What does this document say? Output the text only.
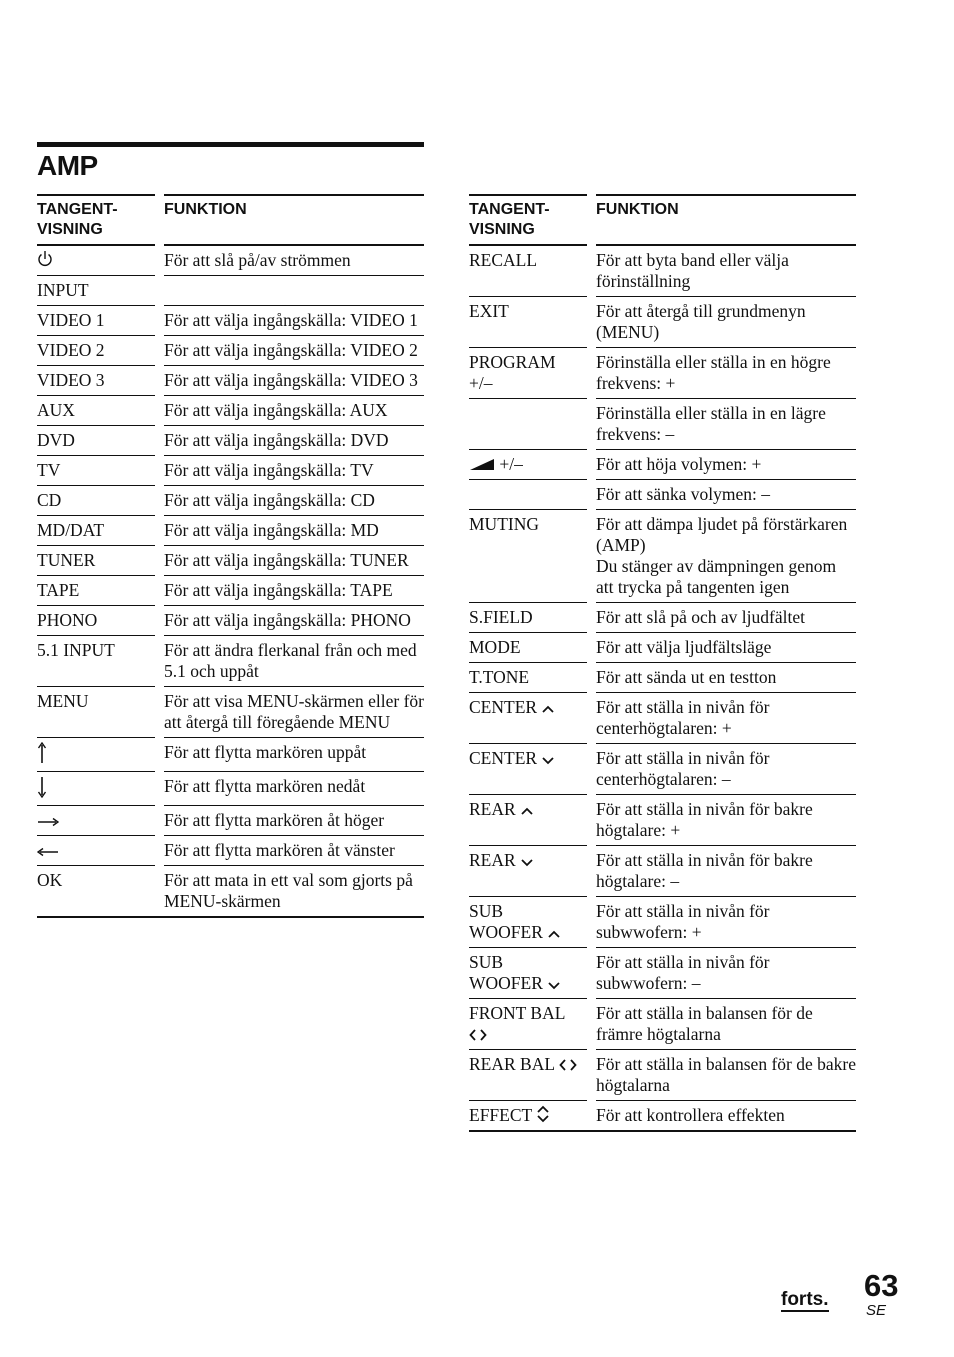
AMP
TANGENT-
VISNING		FUNKTION
		För att slå på/av strömmen
INPUT		
VIDEO 1		För att välja ingångskälla: VIDEO 1
VIDEO 2		För att välja ingångskälla: VIDEO 2
VIDEO 3		För att välja ingångskälla: VIDEO 3
AUX		För att välja ingångskälla: AUX
DVD		För att välja ingångskälla: DVD
TV		För att välja ingångskälla: TV
CD		För att välja ingångskälla: CD
MD/DAT		För att välja ingångskälla: MD
TUNER		För att välja ingångskälla: TUNER
TAPE		För att välja ingångskälla: TAPE
PHONO		För att välja ingångskälla: PHONO
5.1 INPUT		För att ändra flerkanal från och med 5.1 och uppåt
MENU		För att visa MENU-skärmen eller för att återgå till föregående MENU
		För att flytta markören uppåt
		För att flytta markören nedåt
		För att flytta markören åt höger
		För att flytta markören åt vänster
OK		För att mata in ett val som gjorts på MENU-skärmen
TANGENT-
VISNING		FUNKTION
RECALL		För att byta band eller välja förinställning
EXIT		För att återgå till grundmenyn (MENU)
PROGRAM +/–		Förinställa eller ställa in en högre frekvens: +
		Förinställa eller ställa in en lägre frekvens: –
+/–		För att höja volymen: +
		För att sänka volymen: –
MUTING		För att dämpa ljudet på förstärkaren (AMP)
Du stänger av dämpningen genom att trycka på tangenten igen
S.FIELD		För att slå på och av ljudfältet
MODE		För att välja ljudfältsläge
T.TONE		För att sända ut en testton
CENTER		För att ställa in nivån för centerhögtalaren: +
CENTER		För att ställa in nivån för centerhögtalaren: –
REAR		För att ställa in nivån för bakre högtalare: +
REAR		För att ställa in nivån för bakre högtalare: –
SUB
WOOFER		För att ställa in nivån för subwwofern: +
SUB
WOOFER		För att ställa in nivån för subwwofern: –
FRONT BAL		För att ställa in balansen för de främre högtalarna
REAR BAL		För att ställa in balansen för de bakre högtalarna
EFFECT		För att kontrollera effekten
forts. 63
SE
